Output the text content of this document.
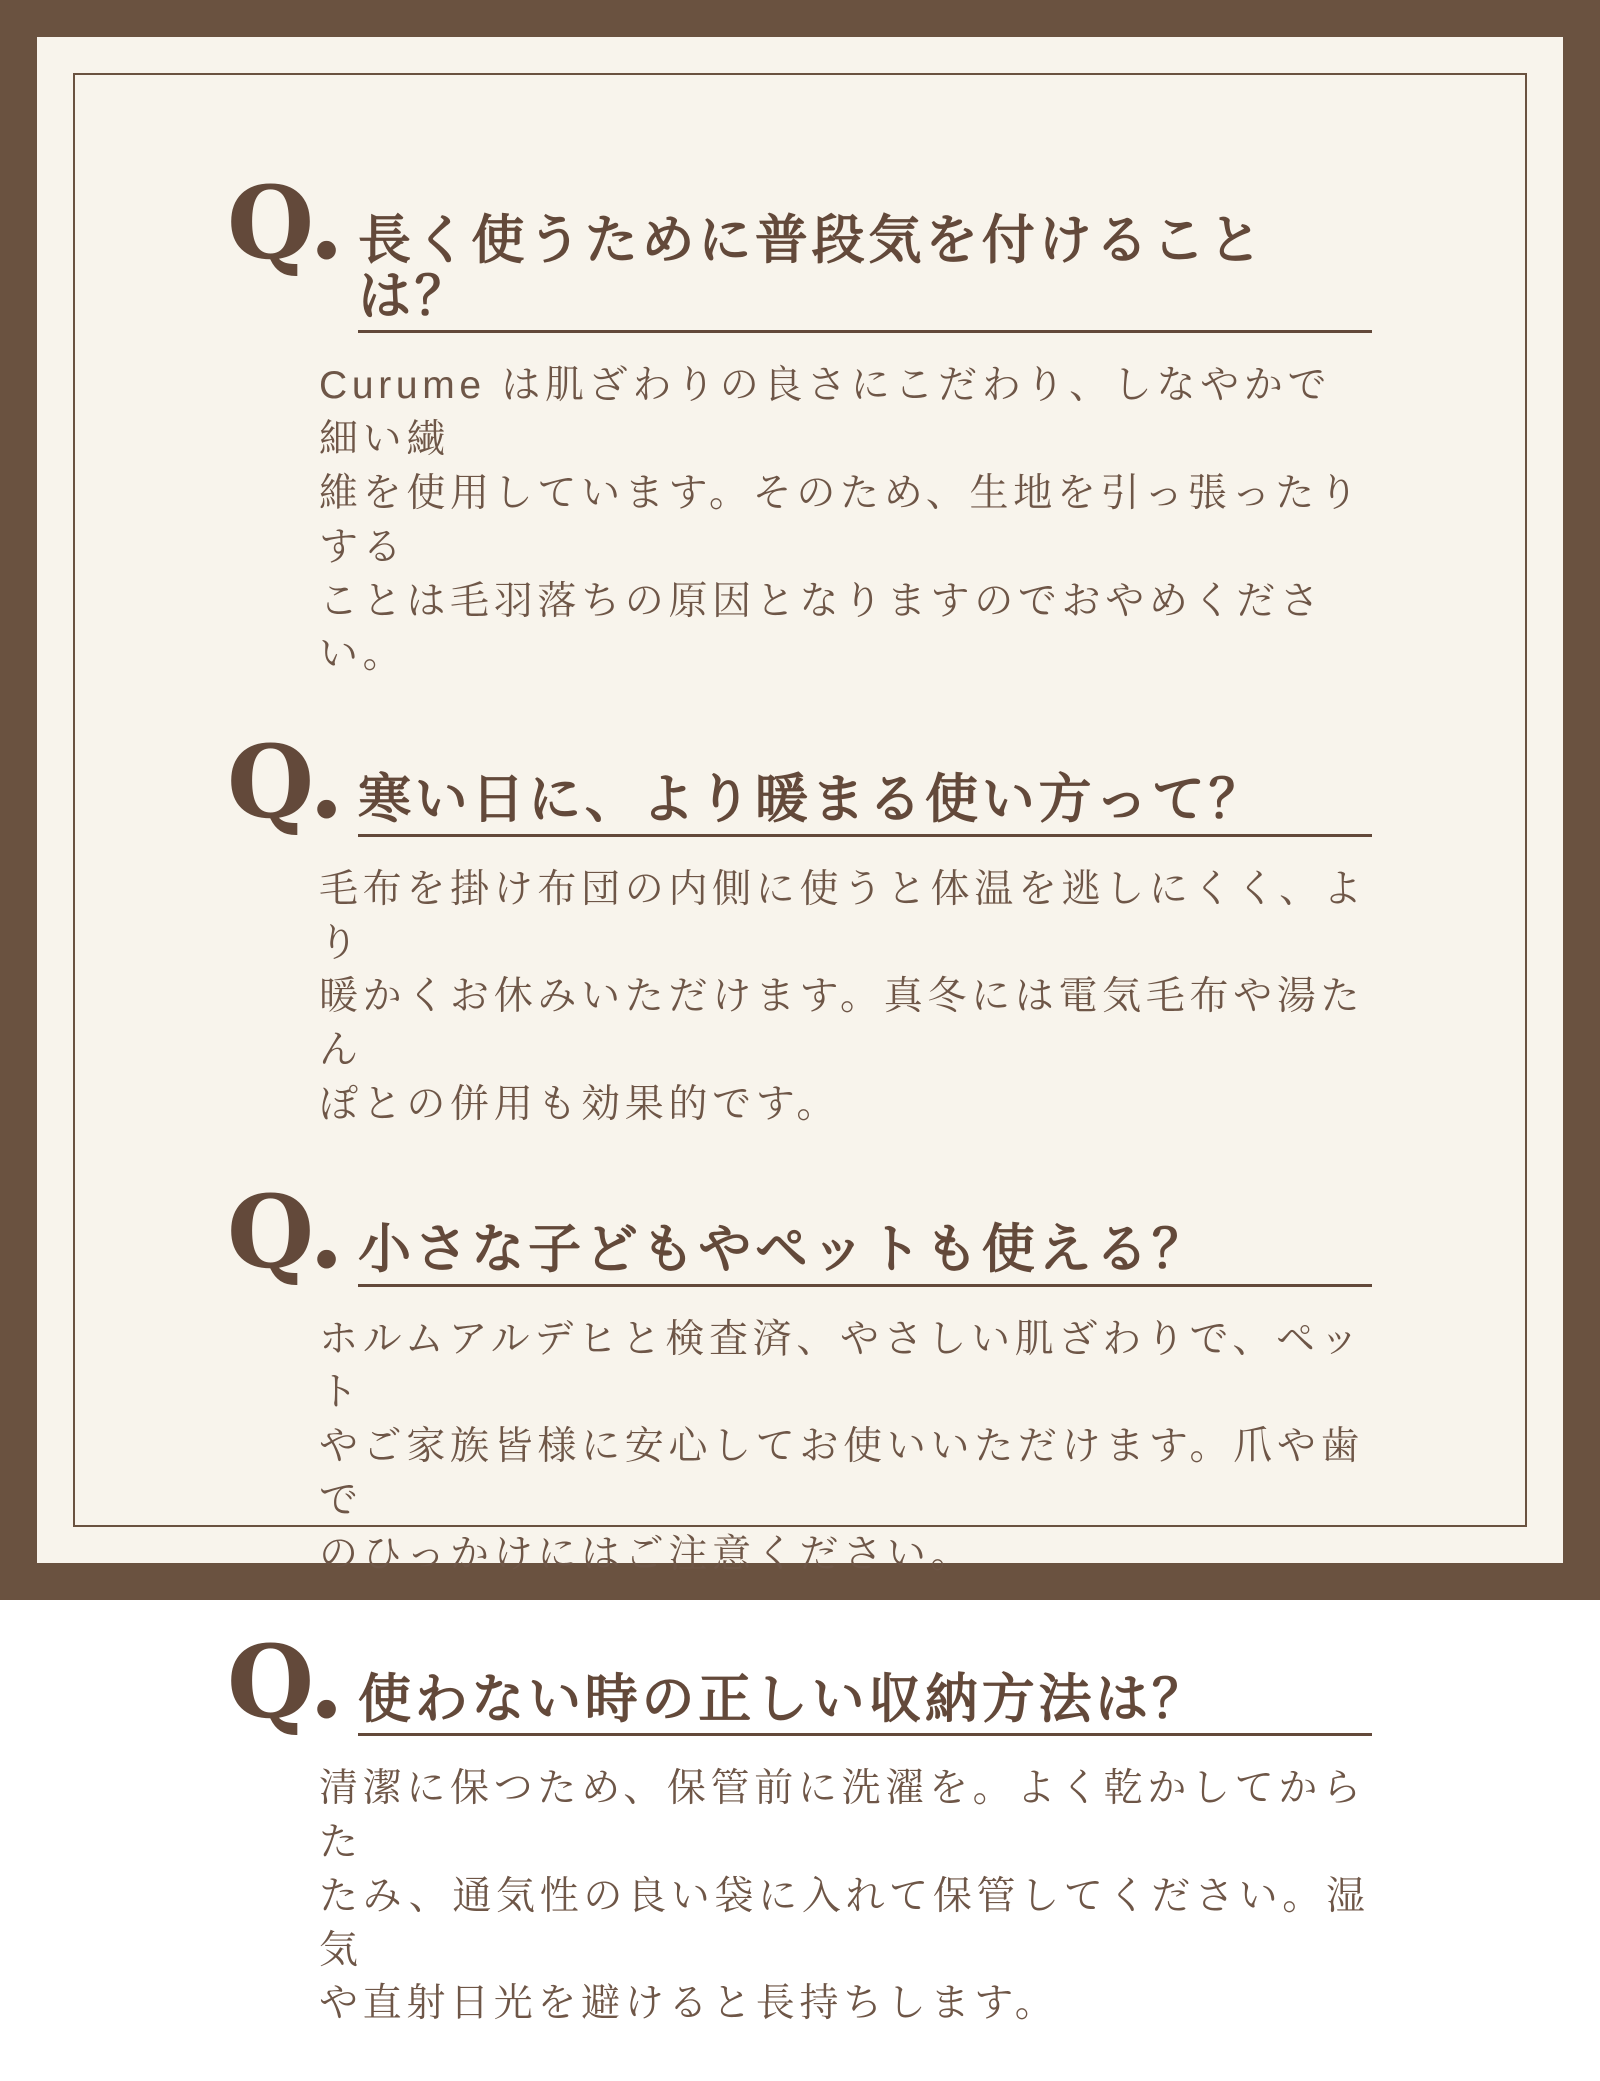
Q. 長く使うために普段気を付けることは？

Curume は肌ざわりの良さにこだわり、しなやかで細い繊
維を使用しています。そのため、生地を引っ張ったりする
ことは毛羽落ちの原因となりますのでおやめください。

Q. 寒い日に、より暖まる使い方って？

毛布を掛け布団の内側に使うと体温を逃しにくく、より
暖かくお休みいただけます。真冬には電気毛布や湯たん
ぽとの併用も効果的です。

Q. 小さな子どもやペットも使える？

ホルムアルデヒと検査済、やさしい肌ざわりで、ペット
やご家族皆様に安心してお使いいただけます。爪や歯で
のひっかけにはご注意ください。

Q. 使わない時の正しい収納方法は？

清潔に保つため、保管前に洗濯を。よく乾かしてからた
たみ、通気性の良い袋に入れて保管してください。湿気
や直射日光を避けると長持ちします。
